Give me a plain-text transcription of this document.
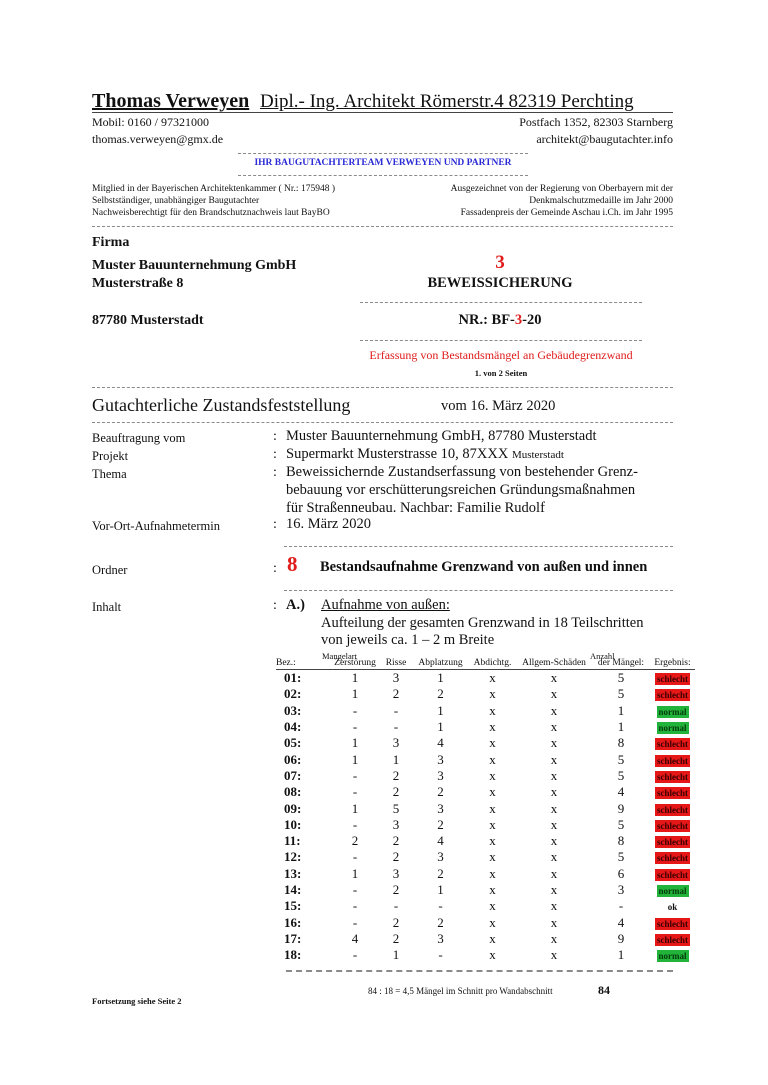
Thomas Verweyen Dipl.- Ing. Architekt Römerstr.4 82319 Perchting
Mobil: 0160 / 97321000
thomas.verweyen@gmx.de
Postfach 1352, 82303 Starnberg
architekt@baugutachter.info
IHR BAUGUTACHTERTEAM VERWEYEN UND PARTNER
Mitglied in der Bayerischen Architektenkammer ( Nr.: 175948 )
Selbstständiger, unabhängiger Baugutachter
Nachweisberechtigt für den Brandschutznachweis laut BayBO
Ausgezeichnet von der Regierung von Oberbayern mit der
Denkmalschutzmedaille im Jahr 2000
Fassadenpreis der Gemeinde Aschau i.Ch. im Jahr 1995
Firma
Muster Bauunternehmung GmbH
Musterstraße 8
87780 Musterstadt
3
BEWEISSICHERUNG
NR.: BF-3-20
Erfassung von Bestandsmängel an Gebäudegrenzwand
1. von 2 Seiten
Gutachterliche Zustandsfeststellung	vom 16. März 2020
Beauftragung vom	: Muster Bauunternehmung GmbH, 87780 Musterstadt
Projekt	: Supermarkt Musterstrasse 10, 87XXX Musterstadt
Thema	: Beweissichernde Zustandserfassung von bestehender Grenz-
bebauung vor erschütterungsreichen Gründungsmaßnahmen
für Straßenneubau. Nachbar: Familie Rudolf
Vor-Ort-Aufnahmetermin	: 16. März 2020
Ordner	: 8 Bestandsaufnahme Grenzwand von außen und innen
Inhalt	: A.) Aufnahme von außen:
Aufteilung der gesamten Grenzwand in 18 Teilschritten
von jeweils ca. 1 – 2 m Breite
Mangelart	Anzahl
Bez.:	Zerstörung	Risse	Abplatzung	Abdichtg.	Allgem-Schäden	der Mängel:	Ergebnis:
01:	1	3	1	x	x	5	schlecht
02:	1	2	2	x	x	5	schlecht
03:	-	-	1	x	x	1	normal
04:	-	-	1	x	x	1	normal
05:	1	3	4	x	x	8	schlecht
06:	1	1	3	x	x	5	schlecht
07:	-	2	3	x	x	5	schlecht
08:	-	2	2	x	x	4	schlecht
09:	1	5	3	x	x	9	schlecht
10:	-	3	2	x	x	5	schlecht
11:	2	2	4	x	x	8	schlecht
12:	-	2	3	x	x	5	schlecht
13:	1	3	2	x	x	6	schlecht
14:	-	2	1	x	x	3	normal
15:	-	-	-	x	x	-	ok
16:	-	2	2	x	x	4	schlecht
17:	4	2	3	x	x	9	schlecht
18:	-	1	-	x	x	1	normal
84 : 18 = 4,5 Mängel im Schnitt pro Wandabschnitt	84
Fortsetzung siehe Seite 2
